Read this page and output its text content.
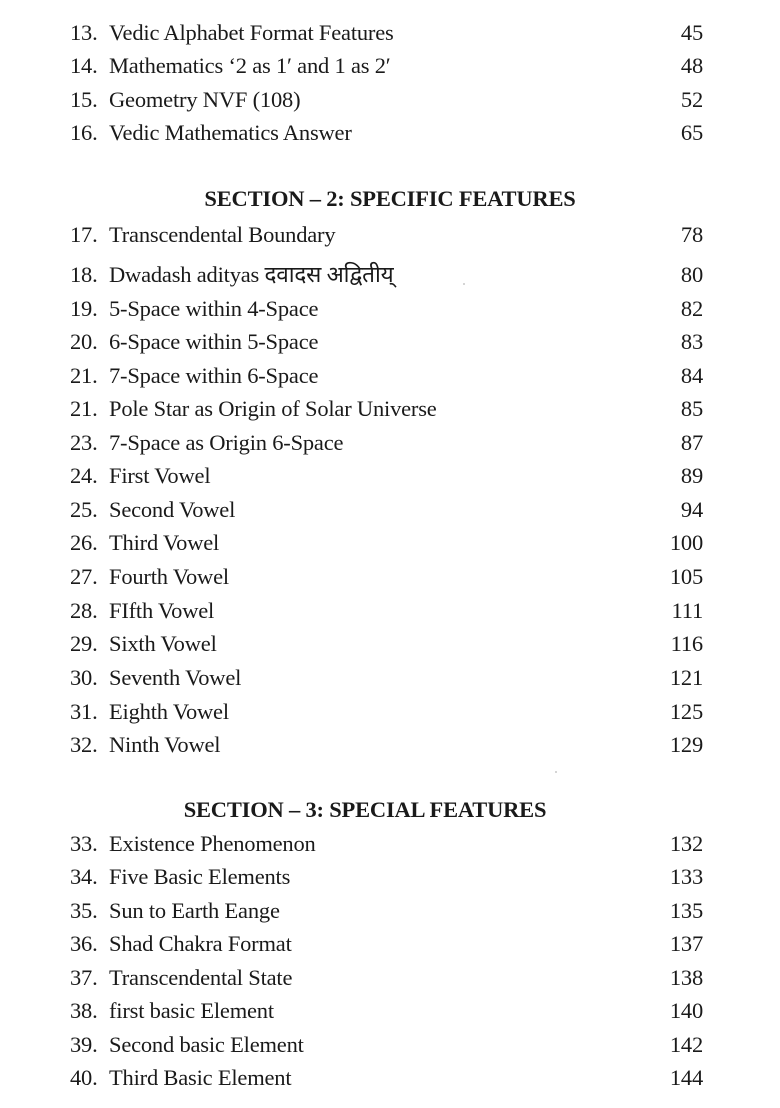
13. Vedic Alphabet Format Features	45
14. Mathematics ‘2 as 1′ and 1 as 2′	48
15. Geometry NVF (108)	52
16. Vedic Mathematics Answer	65
SECTION – 2: SPECIFIC FEATURES
17. Transcendental Boundary	78
18. Dwadash adityas दवादस अद्वितीय्	80
19. 5-Space within 4-Space	82
20. 6-Space within 5-Space	83
21. 7-Space within 6-Space	84
21. Pole Star as Origin of Solar Universe	85
23. 7-Space as Origin 6-Space	87
24. First Vowel	89
25. Second Vowel	94
26. Third Vowel	100
27. Fourth Vowel	105
28. FIfth Vowel	111
29. Sixth Vowel	116
30. Seventh Vowel	121
31. Eighth Vowel	125
32. Ninth Vowel	129
SECTION – 3: SPECIAL FEATURES
33. Existence Phenomenon	132
34. Five Basic Elements	133
35. Sun to Earth Eange	135
36. Shad Chakra Format	137
37. Transcendental State	138
38. first basic Element	140
39. Second basic Element	142
40. Third Basic Element	144
